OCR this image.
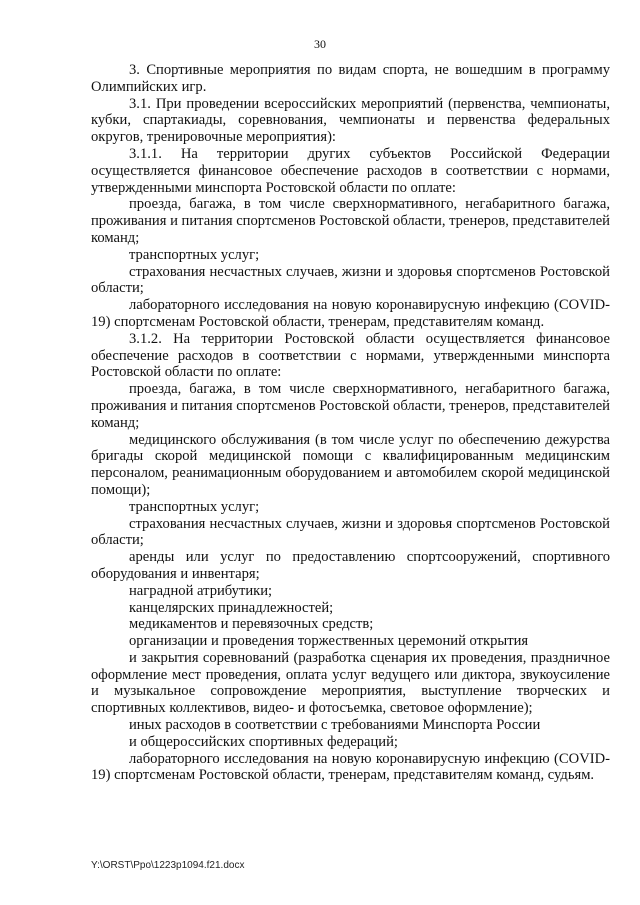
30

3. Спортивные мероприятия по видам спорта, не вошедшим в программу Олимпийских игр.

3.1. При проведении всероссийских мероприятий (первенства, чемпионаты, кубки, спартакиады, соревнования, чемпионаты и первенства федеральных округов, тренировочные мероприятия):

3.1.1. На территории других субъектов Российской Федерации осуществляется финансовое обеспечение расходов в соответствии с нормами, утвержденными минспорта Ростовской области по оплате:

проезда, багажа, в том числе сверхнормативного, негабаритного багажа, проживания и питания спортсменов Ростовской области, тренеров, представителей команд;

транспортных услуг;

страхования несчастных случаев, жизни и здоровья спортсменов Ростовской области;

лабораторного исследования на новую коронавирусную инфекцию (COVID-19) спортсменам Ростовской области, тренерам, представителям команд.

3.1.2. На территории Ростовской области осуществляется финансовое обеспечение расходов в соответствии с нормами, утвержденными минспорта Ростовской области по оплате:

проезда, багажа, в том числе сверхнормативного, негабаритного багажа, проживания и питания спортсменов Ростовской области, тренеров, представителей команд;

медицинского обслуживания (в том числе услуг по обеспечению дежурства бригады скорой медицинской помощи с квалифицированным медицинским персоналом, реанимационным оборудованием и автомобилем скорой медицинской помощи);

транспортных услуг;

страхования несчастных случаев, жизни и здоровья спортсменов Ростовской области;

аренды или услуг по предоставлению спортсооружений, спортивного оборудования и инвентаря;

наградной атрибутики;

канцелярских принадлежностей;

медикаментов и перевязочных средств;

организации и проведения торжественных церемоний открытия

и закрытия соревнований (разработка сценария их проведения, праздничное оформление мест проведения, оплата услуг ведущего или диктора, звукоусиление и музыкальное сопровождение мероприятия, выступление творческих и спортивных коллективов, видео- и фотосъемка, световое оформление);

иных расходов в соответствии с требованиями Минспорта России

и общероссийских спортивных федераций;

лабораторного исследования на новую коронавирусную инфекцию (COVID-19) спортсменам Ростовской области, тренерам, представителям команд, судьям.

Y:\ORST\Ppo\1223p1094.f21.docx
